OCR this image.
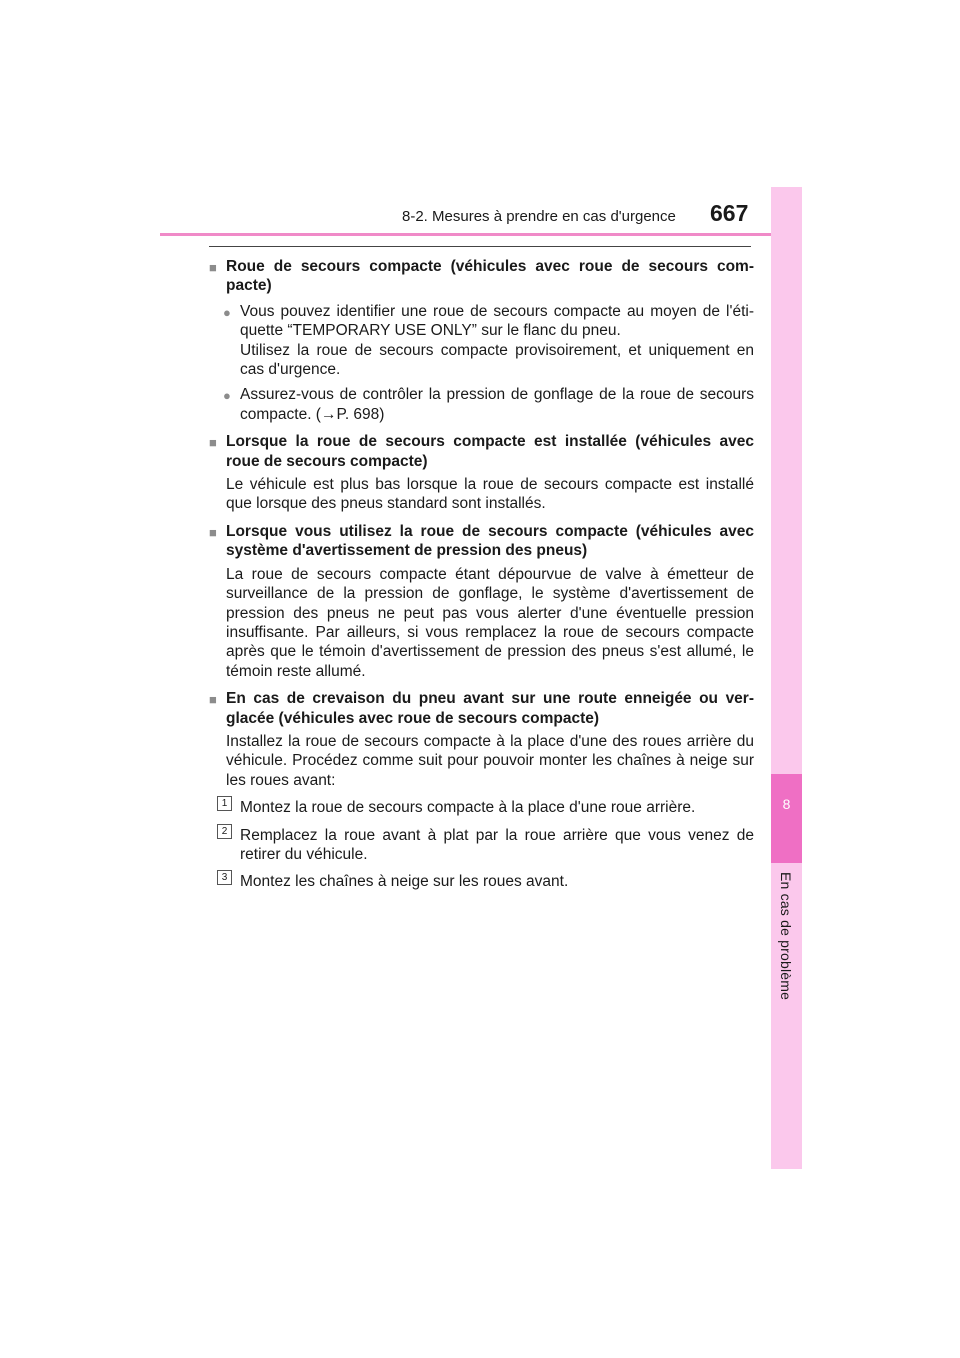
8-2. Mesures à prendre en cas d'urgence 667
8
En cas de problème
■ Roue de secours compacte (véhicules avec roue de secours com-pacte)
● Vous pouvez identifier une roue de secours compacte au moyen de l'éti-quette “TEMPORARY USE ONLY” sur le flanc du pneu.
Utilisez la roue de secours compacte provisoirement, et uniquement en cas d'urgence.
● Assurez-vous de contrôler la pression de gonflage de la roue de secours compacte. (→P. 698)
■ Lorsque la roue de secours compacte est installée (véhicules avec roue de secours compacte)
Le véhicule est plus bas lorsque la roue de secours compacte est installé que lorsque des pneus standard sont installés.
■ Lorsque vous utilisez la roue de secours compacte (véhicules avec système d'avertissement de pression des pneus)
La roue de secours compacte étant dépourvue de valve à émetteur de surveillance de la pression de gonflage, le système d'avertissement de pression des pneus ne peut pas vous alerter d'une éventuelle pression insuffisante. Par ailleurs, si vous remplacez la roue de secours compacte après que le témoin d'avertissement de pression des pneus s'est allumé, le témoin reste allumé.
■ En cas de crevaison du pneu avant sur une route enneigée ou ver-glacée (véhicules avec roue de secours compacte)
Installez la roue de secours compacte à la place d'une des roues arrière du véhicule. Procédez comme suit pour pouvoir monter les chaînes à neige sur les roues avant:
1 Montez la roue de secours compacte à la place d'une roue arrière.
2 Remplacez la roue avant à plat par la roue arrière que vous venez de retirer du véhicule.
3 Montez les chaînes à neige sur les roues avant.
